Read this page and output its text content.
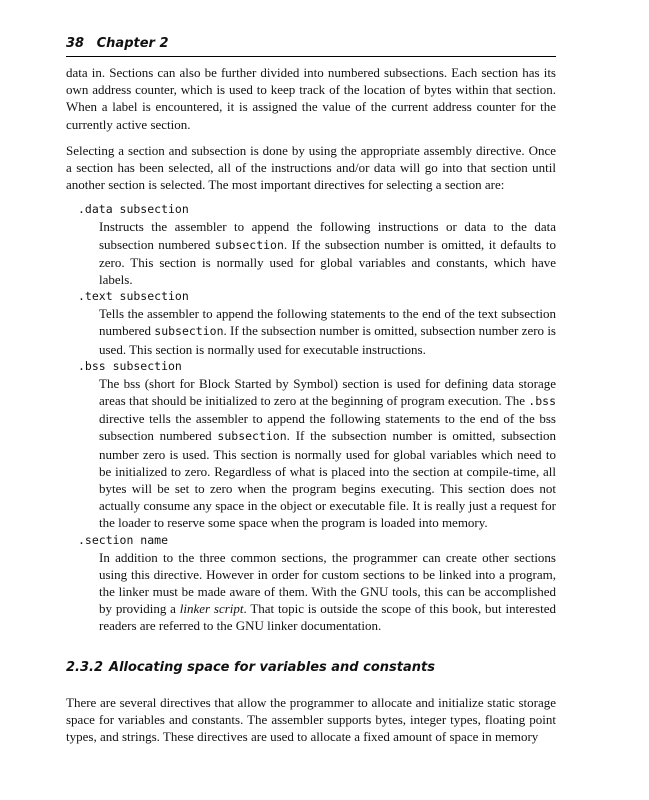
38 Chapter 2

data in. Sections can also be further divided into numbered subsections. Each section has its own address counter, which is used to keep track of the location of bytes within that section. When a label is encountered, it is assigned the value of the current address counter for the currently active section.

Selecting a section and subsection is done by using the appropriate assembly directive. Once a section has been selected, all of the instructions and/or data will go into that section until another section is selected. The most important directives for selecting a section are:

.data subsection
Instructs the assembler to append the following instructions or data to the data subsection numbered subsection. If the subsection number is omitted, it defaults to zero. This section is normally used for global variables and constants, which have labels.
.text subsection
Tells the assembler to append the following statements to the end of the text subsection numbered subsection. If the subsection number is omitted, subsection number zero is used. This section is normally used for executable instructions.
.bss subsection
The bss (short for Block Started by Symbol) section is used for defining data storage areas that should be initialized to zero at the beginning of program execution. The .bss directive tells the assembler to append the following statements to the end of the bss subsection numbered subsection. If the subsection number is omitted, subsection number zero is used. This section is normally used for global variables which need to be initialized to zero. Regardless of what is placed into the section at compile-time, all bytes will be set to zero when the program begins executing. This section does not actually consume any space in the object or executable file. It is really just a request for the loader to reserve some space when the program is loaded into memory.
.section name
In addition to the three common sections, the programmer can create other sections using this directive. However in order for custom sections to be linked into a program, the linker must be made aware of them. With the GNU tools, this can be accomplished by providing a linker script. That topic is outside the scope of this book, but interested readers are referred to the GNU linker documentation.
2.3.2 Allocating space for variables and constants

There are several directives that allow the programmer to allocate and initialize static storage space for variables and constants. The assembler supports bytes, integer types, floating point types, and strings. These directives are used to allocate a fixed amount of space in memory
